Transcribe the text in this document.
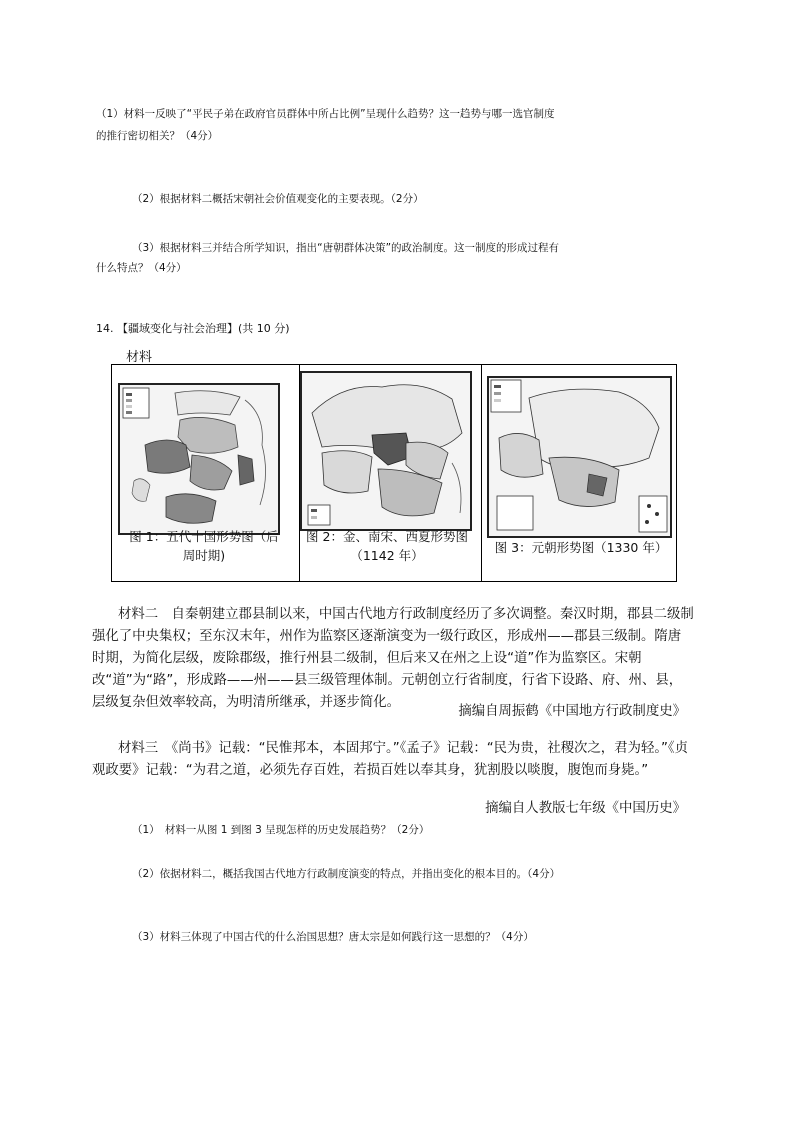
（1）材料一反映了“平民子弟在政府官员群体中所占比例”呈现什么趋势？这一趋势与哪一选官制度
的推行密切相关？（4分）
（2）根据材料二概括宋朝社会价值观变化的主要表现。（2分）
（3）根据材料三并结合所学知识，指出“唐朝群体决策”的政治制度。这一制度的形成过程有
什么特点？（4分）
14. 【疆域变化与社会治理】(共 10 分)
材料
图 1：五代十国形势图（后
周时期)
图 2：金、南宋、西夏形势图
（1142 年）
图 3：元朝形势图（1330 年）
材料二　自秦朝建立郡县制以来，中国古代地方行政制度经历了多次调整。秦汉时期，郡县二级制强化了中央集权；至东汉末年，州作为监察区逐渐演变为一级行政区，形成州——郡县三级制。隋唐时期，为简化层级，废除郡级，推行州县二级制，但后来又在州之上设“道”作为监察区。宋朝改“道”为“路”，形成路——州——县三级管理体制。元朝创立行省制度，行省下设路、府、州、县，层级复杂但效率较高，为明清所继承，并逐步简化。
摘编自周振鹤《中国地方行政制度史》
材料三　《尚书》记载：“民惟邦本，本固邦宁。”《孟子》记载：“民为贵，社稷次之，君为轻。”《贞观政要》记载：“为君之道，必须先存百姓，若损百姓以奉其身，犹割股以啖腹，腹饱而身毙。”
摘编自人教版七年级《中国历史》
（1）　材料一从图 1 到图 3 呈现怎样的历史发展趋势？（2分）
（2）依据材料二，概括我国古代地方行政制度演变的特点，并指出变化的根本目的。（4分）
（3）材料三体现了中国古代的什么治国思想？唐太宗是如何践行这一思想的？（4分）
